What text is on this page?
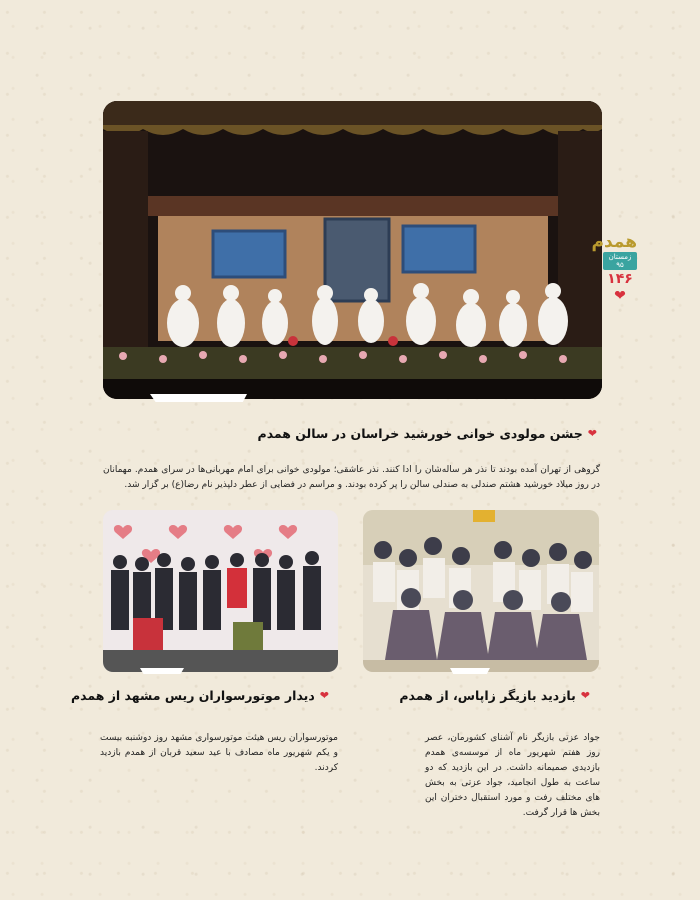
همدم
زمستان ۹۵
۱۴۶
❤
❤
جشن مولودی خوانی خورشید خراسان در سالن همدم
گروهی از تهران آمده بودند تا نذر هر ساله‌شان را ادا کنند. نذر عاشقی؛ مولودی خوانی برای امام مهربانی‌ها در سرای همدم. مهمانان در روز میلاد خورشید هشتم صندلی به صندلی سالن را پر کرده بودند. و مراسم در فضایی از عطر دلپذیر نام رضا(ع) بر گزار شد.
❤
دیدار موتورسواران ریس مشهد از همدم
موتورسواران ریس هیئت موتورسواری مشهد روز دوشنبه بیست و یکم شهریور ماه مصادف با عید سعید قربان از همدم بازدید کردند.
❤
بازدید بازیگر زاپاس، از همدم
جواد عزتی بازیگر نام آشنای کشورمان، عصر روز هفتم شهریور ماه از موسسه‌ی همدم بازدیدی صمیمانه داشت. در این بازدید که دو ساعت به طول انجامید، جواد عزتی به بخش های مختلف رفت و مورد استقبال دختران این بخش ها قرار گرفت.
